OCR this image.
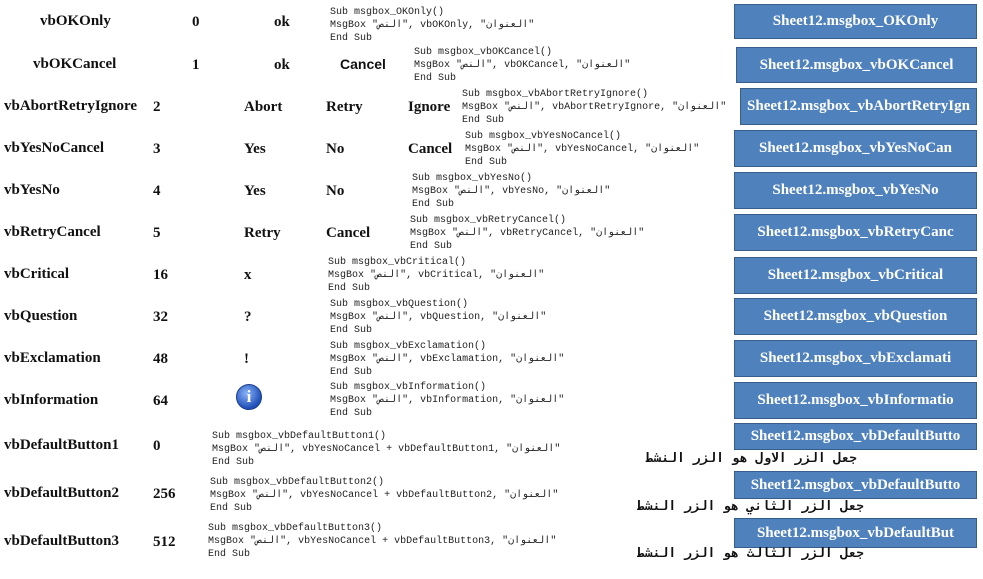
vbOKOnly	0	ok
Sub msgbox_OKOnly()
MsgBox "النص", vbOKOnly, "العنوان"
End Sub
Sheet12.msgbox_OKOnly
vbOKCancel	1	ok	Cancel
Sub msgbox_vbOKCancel()
MsgBox "النص", vbOKCancel, "العنوان"
End Sub
Sheet12.msgbox_vbOKCancel
vbAbortRetryIgnore 2	Abort	Retry	Ignore
Sub msgbox_vbAbortRetryIgnore()
MsgBox "النص", vbAbortRetryIgnore, "العنوان"
End Sub
Sheet12.msgbox_vbAbortRetryIgn
vbYesNoCancel	3	Yes	No	Cancel
Sub msgbox_vbYesNoCancel()
MsgBox "النص", vbYesNoCancel, "العنوان"
End Sub
Sheet12.msgbox_vbYesNoCan
vbYesNo	4	Yes	No
Sub msgbox_vbYesNo()
MsgBox "النص", vbYesNo, "العنوان"
End Sub
Sheet12.msgbox_vbYesNo
vbRetryCancel	5	Retry	Cancel
Sub msgbox_vbRetryCancel()
MsgBox "النص", vbRetryCancel, "العنوان"
End Sub
Sheet12.msgbox_vbRetryCanc
vbCritical	16	x
Sub msgbox_vbCritical()
MsgBox "النص", vbCritical, "العنوان"
End Sub
Sheet12.msgbox_vbCritical
vbQuestion	32	?
Sub msgbox_vbQuestion()
MsgBox "النص", vbQuestion, "العنوان"
End Sub
Sheet12.msgbox_vbQuestion
vbExclamation	48	!
Sub msgbox_vbExclamation()
MsgBox "النص", vbExclamation, "العنوان"
End Sub
Sheet12.msgbox_vbExclamati
vbInformation	64	i	Sub msgbox_vbInformation()
MsgBox "النص", vbInformation, "العنوان"
End Sub
Sheet12.msgbox_vbInformatio
vbDefaultButton1 0
Sub msgbox_vbDefaultButton1()
MsgBox "النص", vbYesNoCancel + vbDefaultButton1, "العنوان"
End Sub
Sheet12.msgbox_vbDefaultButto
جعل الزر الاول هو الزر النشط
vbDefaultButton2 256
Sub msgbox_vbDefaultButton2()
MsgBox "النص", vbYesNoCancel + vbDefaultButton2, "العنوان"
End Sub
Sheet12.msgbox_vbDefaultButto
جعل الزر الثاني هو الزر النشط
vbDefaultButton3 512
Sub msgbox_vbDefaultButton3()
MsgBox "النص", vbYesNoCancel + vbDefaultButton3, "العنوان"
End Sub
Sheet12.msgbox_vbDefaultBut
جعل الزر الثالث هو الزر النشط
